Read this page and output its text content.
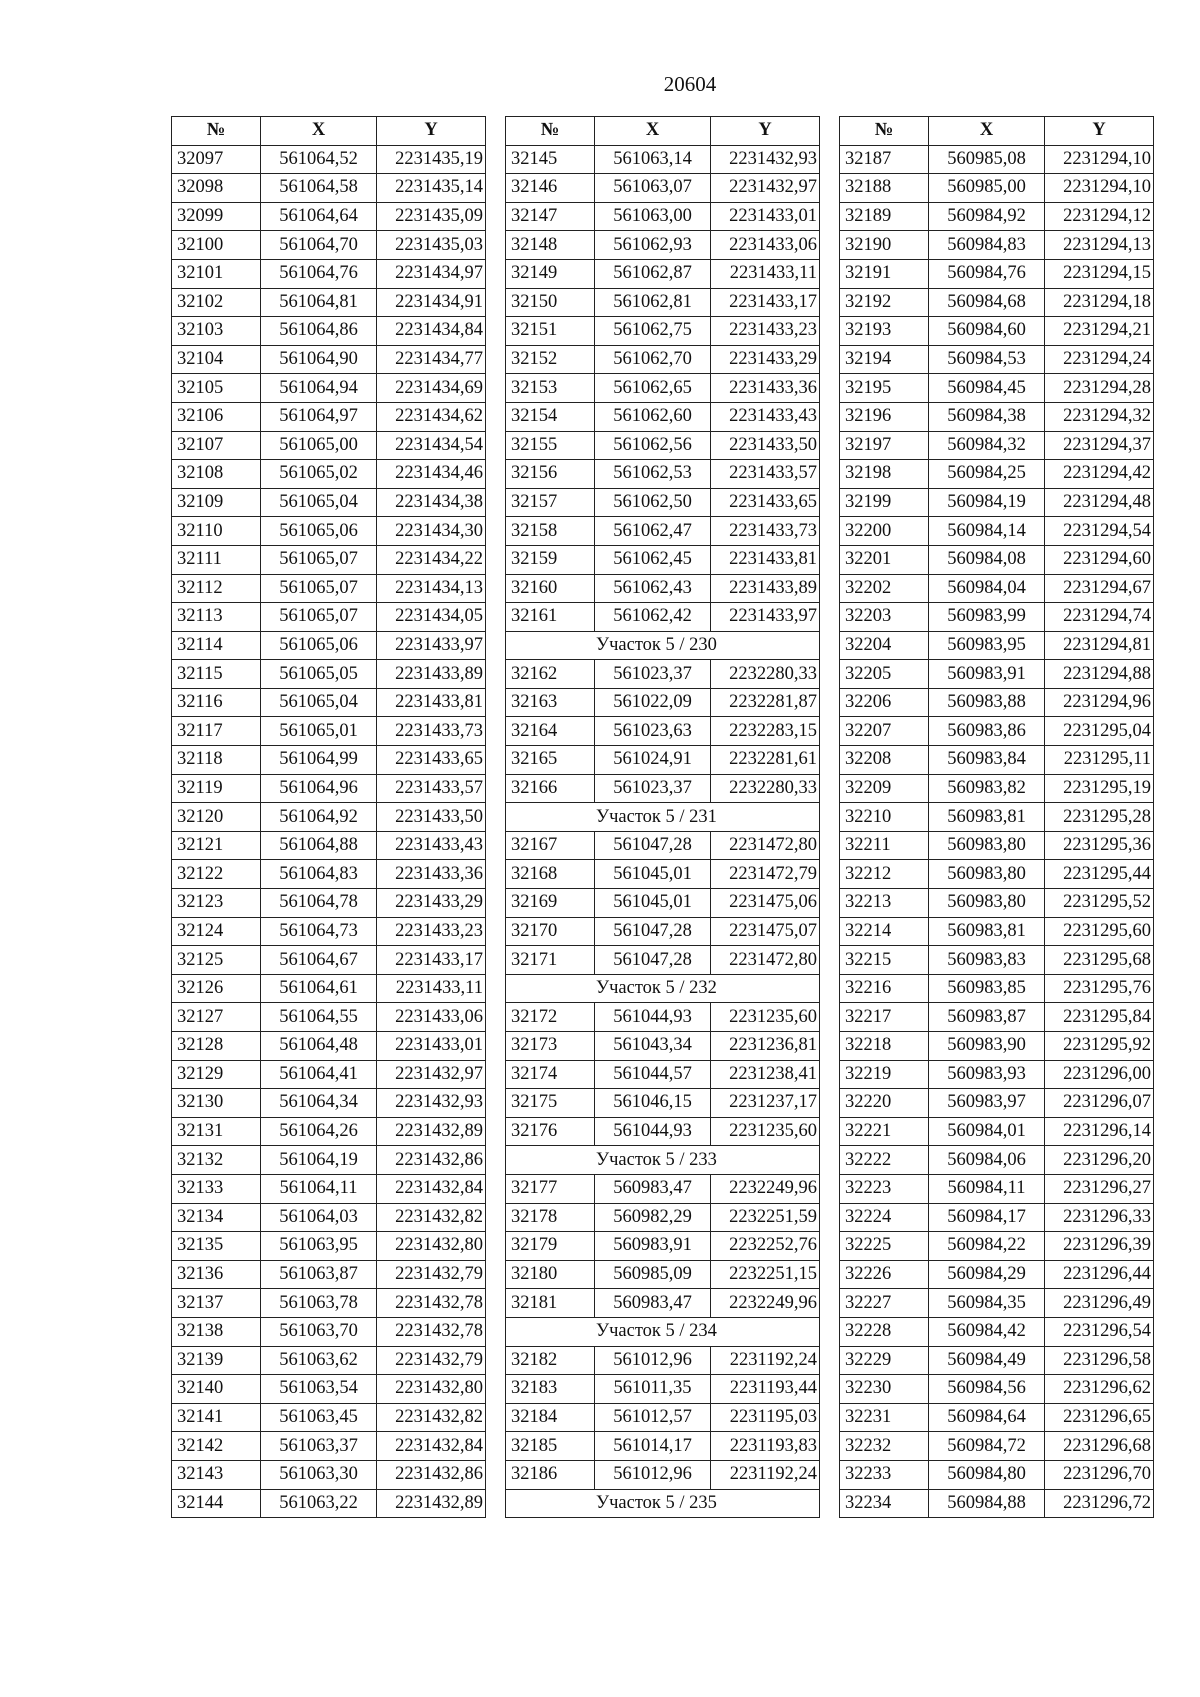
20604
№	X	Y
32097	561064,52	2231435,19
32098	561064,58	2231435,14
32099	561064,64	2231435,09
32100	561064,70	2231435,03
32101	561064,76	2231434,97
32102	561064,81	2231434,91
32103	561064,86	2231434,84
32104	561064,90	2231434,77
32105	561064,94	2231434,69
32106	561064,97	2231434,62
32107	561065,00	2231434,54
32108	561065,02	2231434,46
32109	561065,04	2231434,38
32110	561065,06	2231434,30
32111	561065,07	2231434,22
32112	561065,07	2231434,13
32113	561065,07	2231434,05
32114	561065,06	2231433,97
32115	561065,05	2231433,89
32116	561065,04	2231433,81
32117	561065,01	2231433,73
32118	561064,99	2231433,65
32119	561064,96	2231433,57
32120	561064,92	2231433,50
32121	561064,88	2231433,43
32122	561064,83	2231433,36
32123	561064,78	2231433,29
32124	561064,73	2231433,23
32125	561064,67	2231433,17
32126	561064,61	2231433,11
32127	561064,55	2231433,06
32128	561064,48	2231433,01
32129	561064,41	2231432,97
32130	561064,34	2231432,93
32131	561064,26	2231432,89
32132	561064,19	2231432,86
32133	561064,11	2231432,84
32134	561064,03	2231432,82
32135	561063,95	2231432,80
32136	561063,87	2231432,79
32137	561063,78	2231432,78
32138	561063,70	2231432,78
32139	561063,62	2231432,79
32140	561063,54	2231432,80
32141	561063,45	2231432,82
32142	561063,37	2231432,84
32143	561063,30	2231432,86
32144	561063,22	2231432,89
№	X	Y
32145	561063,14	2231432,93
32146	561063,07	2231432,97
32147	561063,00	2231433,01
32148	561062,93	2231433,06
32149	561062,87	2231433,11
32150	561062,81	2231433,17
32151	561062,75	2231433,23
32152	561062,70	2231433,29
32153	561062,65	2231433,36
32154	561062,60	2231433,43
32155	561062,56	2231433,50
32156	561062,53	2231433,57
32157	561062,50	2231433,65
32158	561062,47	2231433,73
32159	561062,45	2231433,81
32160	561062,43	2231433,89
32161	561062,42	2231433,97
Участок 5 / 230		
32162	561023,37	2232280,33
32163	561022,09	2232281,87
32164	561023,63	2232283,15
32165	561024,91	2232281,61
32166	561023,37	2232280,33
Участок 5 / 231		
32167	561047,28	2231472,80
32168	561045,01	2231472,79
32169	561045,01	2231475,06
32170	561047,28	2231475,07
32171	561047,28	2231472,80
Участок 5 / 232		
32172	561044,93	2231235,60
32173	561043,34	2231236,81
32174	561044,57	2231238,41
32175	561046,15	2231237,17
32176	561044,93	2231235,60
Участок 5 / 233		
32177	560983,47	2232249,96
32178	560982,29	2232251,59
32179	560983,91	2232252,76
32180	560985,09	2232251,15
32181	560983,47	2232249,96
Участок 5 / 234		
32182	561012,96	2231192,24
32183	561011,35	2231193,44
32184	561012,57	2231195,03
32185	561014,17	2231193,83
32186	561012,96	2231192,24
Участок 5 / 235		
№	X	Y
32187	560985,08	2231294,10
32188	560985,00	2231294,10
32189	560984,92	2231294,12
32190	560984,83	2231294,13
32191	560984,76	2231294,15
32192	560984,68	2231294,18
32193	560984,60	2231294,21
32194	560984,53	2231294,24
32195	560984,45	2231294,28
32196	560984,38	2231294,32
32197	560984,32	2231294,37
32198	560984,25	2231294,42
32199	560984,19	2231294,48
32200	560984,14	2231294,54
32201	560984,08	2231294,60
32202	560984,04	2231294,67
32203	560983,99	2231294,74
32204	560983,95	2231294,81
32205	560983,91	2231294,88
32206	560983,88	2231294,96
32207	560983,86	2231295,04
32208	560983,84	2231295,11
32209	560983,82	2231295,19
32210	560983,81	2231295,28
32211	560983,80	2231295,36
32212	560983,80	2231295,44
32213	560983,80	2231295,52
32214	560983,81	2231295,60
32215	560983,83	2231295,68
32216	560983,85	2231295,76
32217	560983,87	2231295,84
32218	560983,90	2231295,92
32219	560983,93	2231296,00
32220	560983,97	2231296,07
32221	560984,01	2231296,14
32222	560984,06	2231296,20
32223	560984,11	2231296,27
32224	560984,17	2231296,33
32225	560984,22	2231296,39
32226	560984,29	2231296,44
32227	560984,35	2231296,49
32228	560984,42	2231296,54
32229	560984,49	2231296,58
32230	560984,56	2231296,62
32231	560984,64	2231296,65
32232	560984,72	2231296,68
32233	560984,80	2231296,70
32234	560984,88	2231296,72
